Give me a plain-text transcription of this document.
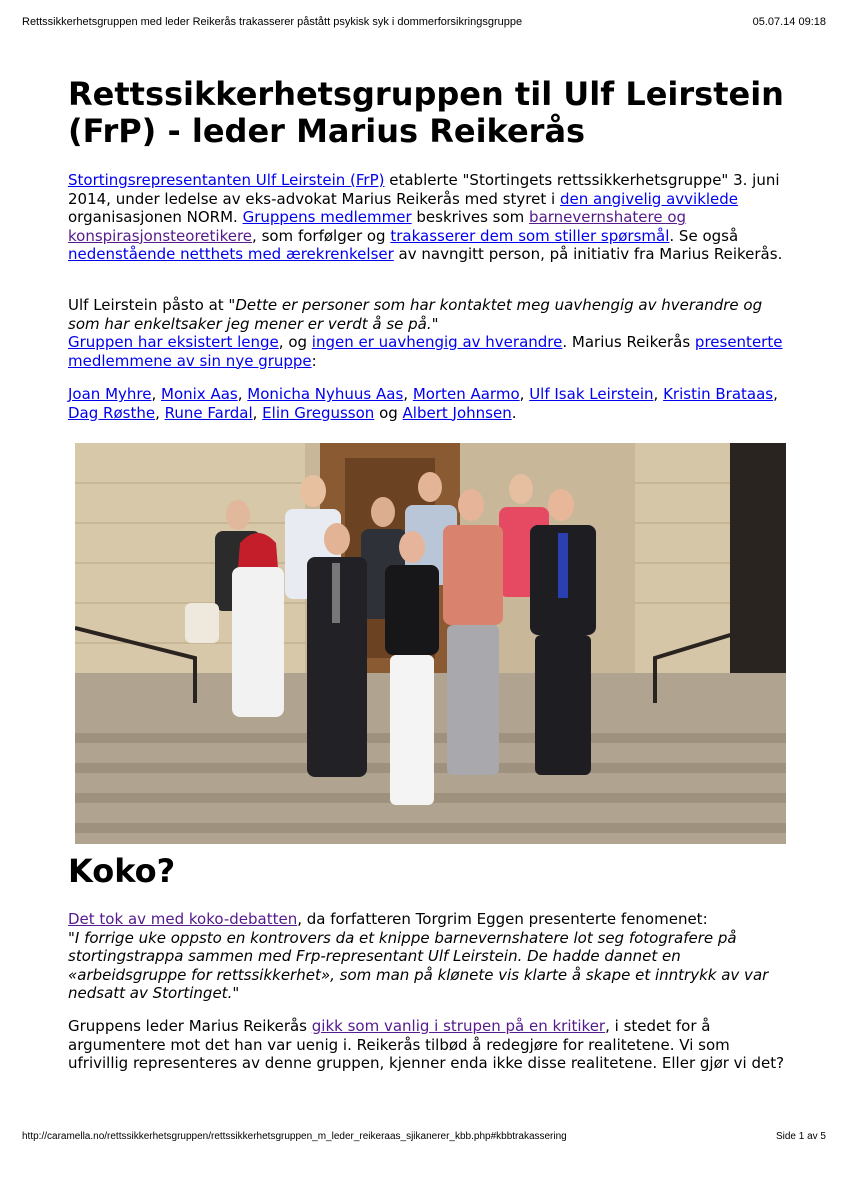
Rettssikkerhetsgruppen med leder Reikerås trakasserer påstått psykisk syk i dommerforsikringsgruppe	05.07.14 09:18
Rettssikkerhetsgruppen til Ulf Leirstein (FrP) - leder Marius Reikerås

Stortingsrepresentanten Ulf Leirstein (FrP) etablerte "Stortingets rettssikkerhetsgruppe" 3. juni 2014, under ledelse av eks-advokat Marius Reikerås med styret i den angivelig avviklede organisasjonen NORM. Gruppens medlemmer beskrives som barnevernshatere og konspirasjonsteoretikere, som forfølger og trakasserer dem som stiller spørsmål. Se også nedenstående netthets med ærekrenkelser av navngitt person, på initiativ fra Marius Reikerås.

Ulf Leirstein påsto at "Dette er personer som har kontaktet meg uavhengig av hverandre og som har enkeltsaker jeg mener er verdt å se på."
Gruppen har eksistert lenge, og ingen er uavhengig av hverandre. Marius Reikerås presenterte medlemmene av sin nye gruppe:

Joan Myhre, Monix Aas, Monicha Nyhuus Aas, Morten Aarmo, Ulf Isak Leirstein, Kristin Brataas, Dag Røsthe, Rune Fardal, Elin Gregusson og Albert Johnsen.

Koko?

Det tok av med koko-debatten, da forfatteren Torgrim Eggen presenterte fenomenet:
"I forrige uke oppsto en kontrovers da et knippe barnevernshatere lot seg fotografere på stortingstrappa sammen med Frp-representant Ulf Leirstein. De hadde dannet en «arbeidsgruppe for rettssikkerhet», som man på klønete vis klarte å skape et inntrykk av var nedsatt av Stortinget."

Gruppens leder Marius Reikerås gikk som vanlig i strupen på en kritiker, i stedet for å argumentere mot det han var uenig i. Reikerås tilbød å redegjøre for realitetene. Vi som ufrivillig representeres av denne gruppen, kjenner enda ikke disse realitetene. Eller gjør vi det?

http://caramella.no/rettssikkerhetsgruppen/rettssikkerhetsgruppen_m_leder_reikeraas_sjikanerer_kbb.php#kbbtrakassering	Side 1 av 5
